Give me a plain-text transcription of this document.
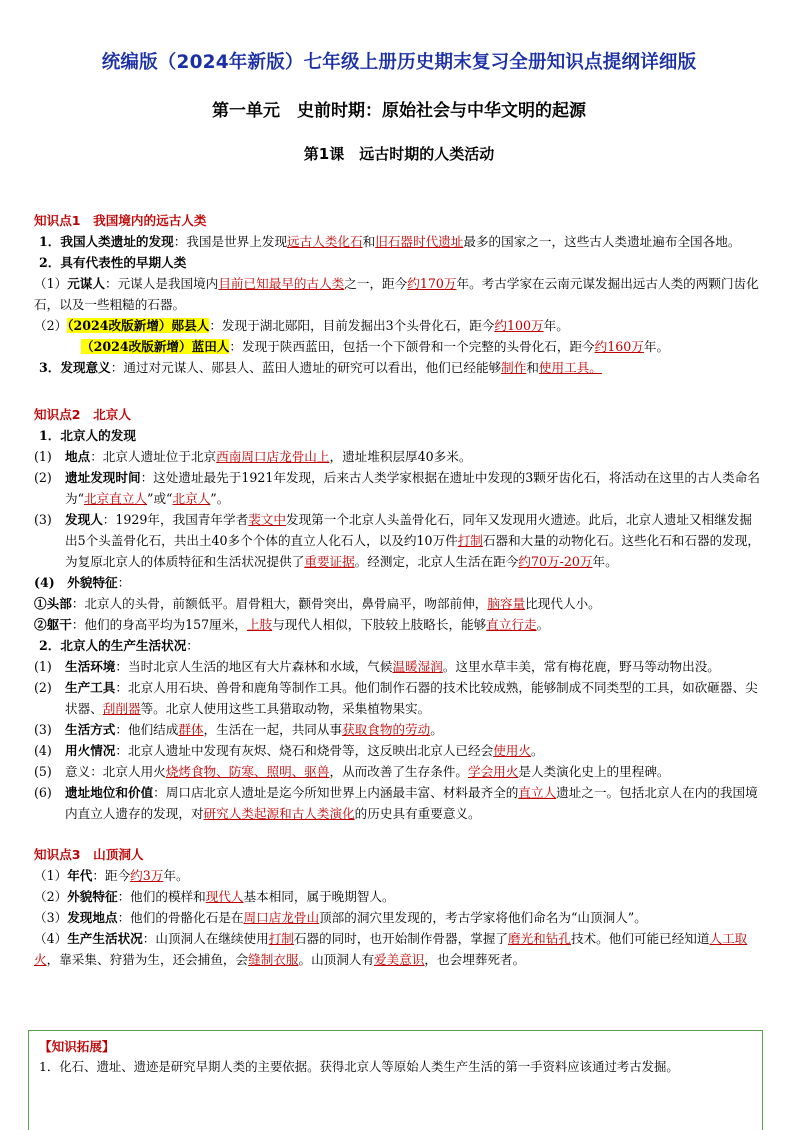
统编版（2024年新版）七年级上册历史期末复习全册知识点提纲详细版
第一单元　史前时期：原始社会与中华文明的起源
第1课　远古时期的人类活动
知识点1　我国境内的远古人类

1．我国人类遗址的发现：我国是世界上发现远古人类化石和旧石器时代遗址最多的国家之一，这些古人类遗址遍布全国各地。

2．具有代表性的早期人类

（1）元谋人：元谋人是我国境内目前已知最早的古人类之一，距今约170万年。考古学家在云南元谋发掘出远古人类的两颗门齿化石，以及一些粗糙的石器。

（2）（2024改版新增）郧县人：发现于湖北郧阳，目前发掘出3个头骨化石，距今约100万年。

（2024改版新增）蓝田人：发现于陕西蓝田，包括一个下颌骨和一个完整的头骨化石，距今约160万年。

3．发现意义：通过对元谋人、郧县人、蓝田人遗址的研究可以看出，他们已经能够制作和使用工具。

知识点2　北京人

1．北京人的发现

(1) 地点：北京人遗址位于北京西南周口店龙骨山上，遗址堆积层厚40多米。

(2) 遗址发现时间：这处遗址最先于1921年发现，后来古人类学家根据在遗址中发现的3颗牙齿化石，将活动在这里的古人类命名为“北京直立人”或“北京人”。

(3) 发现人：1929年，我国青年学者裴文中发现第一个北京人头盖骨化石，同年又发现用火遗迹。此后，北京人遗址又相继发掘出5个头盖骨化石，共出土40多个个体的直立人化石人，以及约10万件打制石器和大量的动物化石。这些化石和石器的发现，为复原北京人的体质特征和生活状况提供了重要证据。经测定，北京人生活在距今约70万-20万年。

(4)　外貌特征：

①头部：北京人的头骨，前额低平。眉骨粗大，颧骨突出，鼻骨扁平，吻部前伸，脑容量比现代人小。

②躯干：他们的身高平均为157厘米，上肢与现代人相似，下肢较上肢略长，能够直立行走。

2．北京人的生产生活状况：

(1) 生活环境：当时北京人生活的地区有大片森林和水域，气候温暖湿润。这里水草丰美，常有梅花鹿，野马等动物出没。

(2) 生产工具：北京人用石块、兽骨和鹿角等制作工具。他们制作石器的技术比较成熟，能够制成不同类型的工具，如砍砸器、尖状器、刮削器等。北京人使用这些工具猎取动物，采集植物果实。

(3) 生活方式：他们结成群体，生活在一起，共同从事获取食物的劳动。

(4) 用火情况：北京人遗址中发现有灰烬、烧石和烧骨等，这反映出北京人已经会使用火。

(5) 意义：北京人用火烧烤食物、防寒、照明、驱兽，从而改善了生存条件。学会用火是人类演化史上的里程碑。

(6) 遗址地位和价值：周口店北京人遗址是迄今所知世界上内涵最丰富、材料最齐全的直立人遗址之一。包括北京人在内的我国境内直立人遗存的发现，对研究人类起源和古人类演化的历史具有重要意义。

知识点3　山顶洞人

（1）年代：距今约3万年。

（2）外貌特征：他们的模样和现代人基本相同，属于晚期智人。

（3）发现地点：他们的骨骼化石是在周口店龙骨山顶部的洞穴里发现的，考古学家将他们命名为“山顶洞人”。

（4）生产生活状况：山顶洞人在继续使用打制石器的同时，也开始制作骨器，掌握了磨光和钻孔技术。他们可能已经知道人工取火，靠采集、狩猎为生，还会捕鱼，会缝制衣服。山顶洞人有爱美意识，也会埋葬死者。

【知识拓展】
1．化石、遗址、遗迹是研究早期人类的主要依据。获得北京人等原始人类生产生活的第一手资料应该通过考古发掘。
